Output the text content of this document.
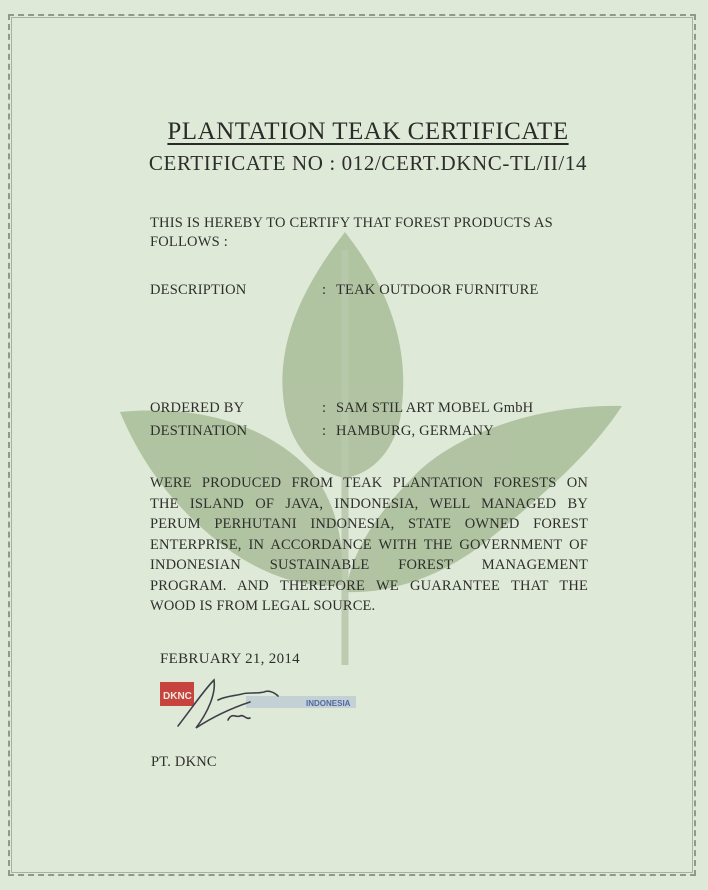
PLANTATION TEAK CERTIFICATE
CERTIFICATE NO : 012/CERT.DKNC-TL/II/14
THIS IS HEREBY TO CERTIFY THAT FOREST PRODUCTS AS FOLLOWS :
DESCRIPTION	: TEAK OUTDOOR FURNITURE
ORDERED BY	: SAM STIL ART MOBEL GmbH
DESTINATION	: HAMBURG, GERMANY
WERE PRODUCED FROM TEAK PLANTATION FORESTS ON
THE ISLAND OF JAVA, INDONESIA, WELL MANAGED BY
PERUM PERHUTANI INDONESIA, STATE OWNED FOREST
ENTERPRISE, IN ACCORDANCE WITH THE GOVERNMENT OF
INDONESIAN SUSTAINABLE FOREST MANAGEMENT
PROGRAM. AND THEREFORE WE GUARANTEE THAT THE
WOOD IS FROM LEGAL SOURCE.
FEBRUARY 21, 2014
DKNC
INDONESIA
PT. DKNC
